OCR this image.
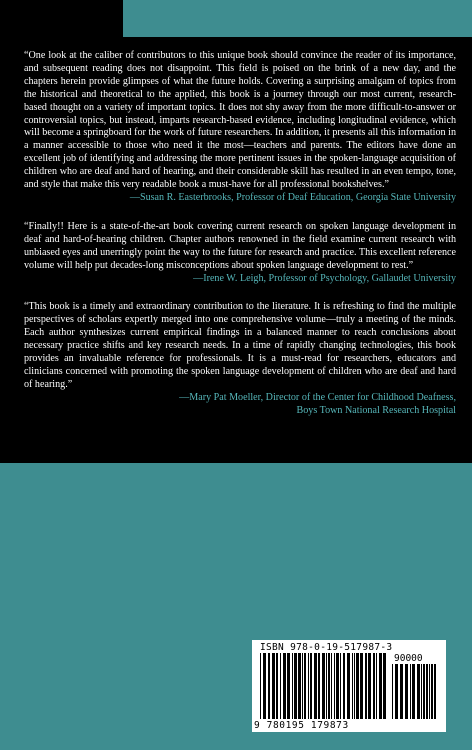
“One look at the caliber of contributors to this unique book should convince the reader of its importance, and subsequent reading does not disappoint. This field is poised on the brink of a new day, and the chapters herein provide glimpses of what the future holds. Covering a surprising amalgam of topics from the historical and theoretical to the applied, this book is a journey through our most current, research-based thought on a variety of important topics. It does not shy away from the more difficult-to-answer or controversial topics, but instead, imparts research-based evidence, including longitudinal evidence, which will become a springboard for the work of future researchers. In addition, it presents all this information in a manner accessible to those who need it the most—teachers and parents. The editors have done an excellent job of identifying and addressing the more pertinent issues in the spoken-language acquisition of children who are deaf and hard of hearing, and their considerable skill has resulted in an even tempo, tone, and style that make this very readable book a must-have for all professional bookshelves.”

—Susan R. Easterbrooks, Professor of Deaf Education, Georgia State University

“Finally!! Here is a state-of-the-art book covering current research on spoken language development in deaf and hard-of-hearing children. Chapter authors renowned in the field examine current research with unbiased eyes and unerringly point the way to the future for research and practice. This excellent reference volume will help put decades-long misconceptions about spoken language development to rest.”

—Irene W. Leigh, Professor of Psychology, Gallaudet University

“This book is a timely and extraordinary contribution to the literature. It is refreshing to find the multiple perspectives of scholars expertly merged into one comprehensive volume—truly a meeting of the minds. Each author synthesizes current empirical findings in a balanced manner to reach conclusions about necessary practice shifts and key research needs. In a time of rapidly changing technologies, this book provides an invaluable reference for professionals. It is a must-read for researchers, educators and clinicians concerned with promoting the spoken language development of children who are deaf and hard of hearing.”

—Mary Pat Moeller, Director of the Center for Childhood Deafness,
Boys Town National Research Hospital
ISBN 978-0-19-517987-3
90000
9 780195 179873
